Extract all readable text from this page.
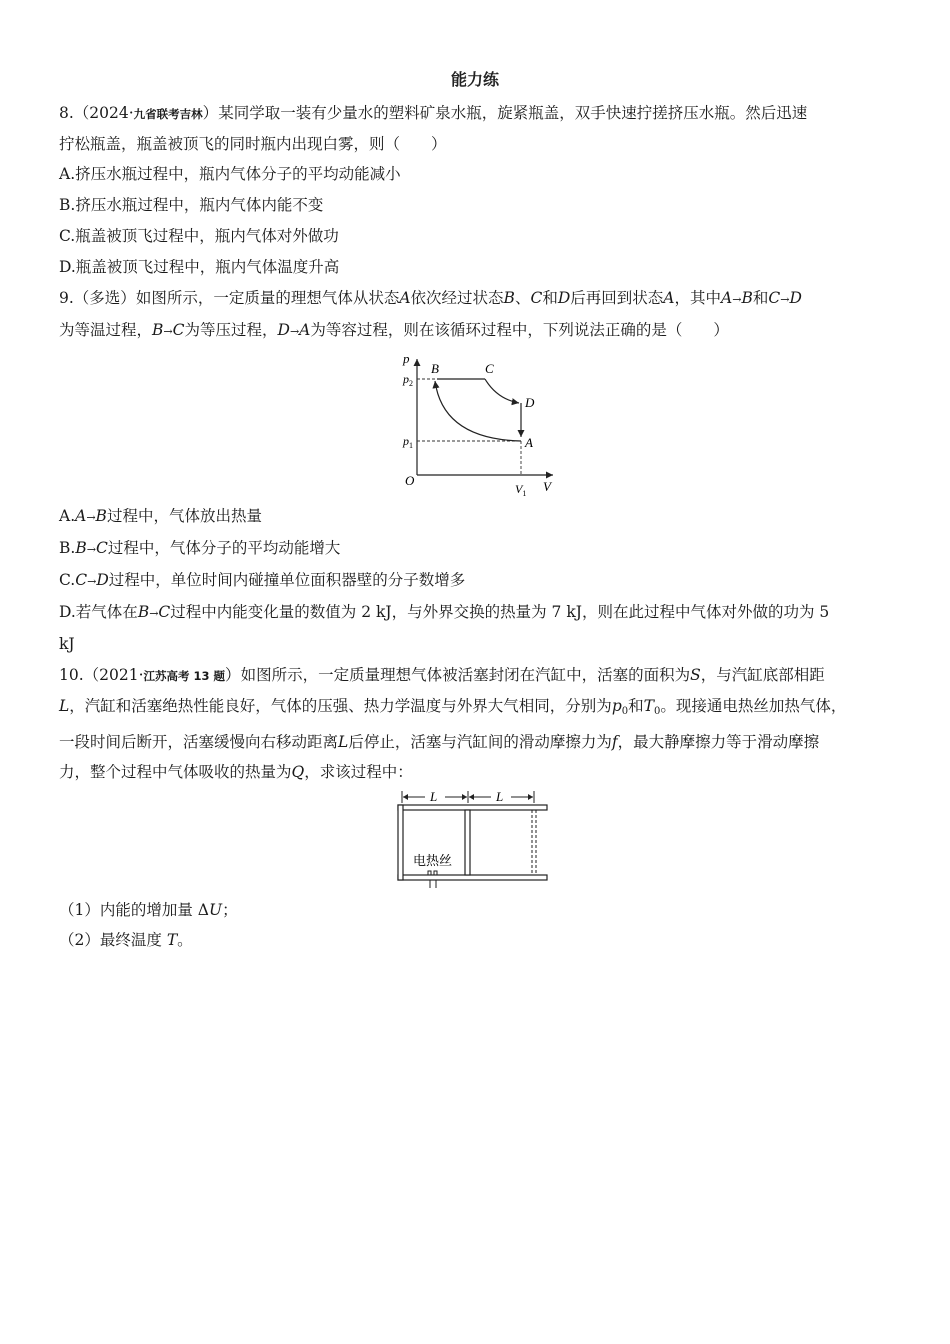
能力练
8.（2024·九省联考吉林）某同学取一装有少量水的塑料矿泉水瓶，旋紧瓶盖，双手快速拧搓挤压水瓶。然后迅速
拧松瓶盖，瓶盖被顶飞的同时瓶内出现白雾，则（　　）
A.挤压水瓶过程中，瓶内气体分子的平均动能减小
B.挤压水瓶过程中，瓶内气体内能不变
C.瓶盖被顶飞过程中，瓶内气体对外做功
D.瓶盖被顶飞过程中，瓶内气体温度升高
9.（多选）如图所示，一定质量的理想气体从状态A依次经过状态B、C和D后再回到状态A，其中A→B和C→D
为等温过程，B→C为等压过程，D→A为等容过程，则在该循环过程中，下列说法正确的是（　　）
p
V
O
$p_2$
$p_1$
$V_1$
B	C
D
A
A.A→B过程中，气体放出热量
B.B→C过程中，气体分子的平均动能增大
C.C→D过程中，单位时间内碰撞单位面积器壁的分子数增多
D.若气体在B→C过程中内能变化量的数值为 2 kJ，与外界交换的热量为 7 kJ，则在此过程中气体对外做的功为 5
kJ
10.（2021·江苏高考 13 题）如图所示，一定质量理想气体被活塞封闭在汽缸中，活塞的面积为S，与汽缸底部相距
L，汽缸和活塞绝热性能良好，气体的压强、热力学温度与外界大气相同，分别为$p_0$和$T_0$。现接通电热丝加热气体，
一段时间后断开，活塞缓慢向右移动距离L后停止，活塞与汽缸间的滑动摩擦力为f，最大静摩擦力等于滑动摩擦
力，整个过程中气体吸收的热量为Q，求该过程中：
L	L
电热丝
（1）内能的增加量 ΔU；
（2）最终温度 T。
